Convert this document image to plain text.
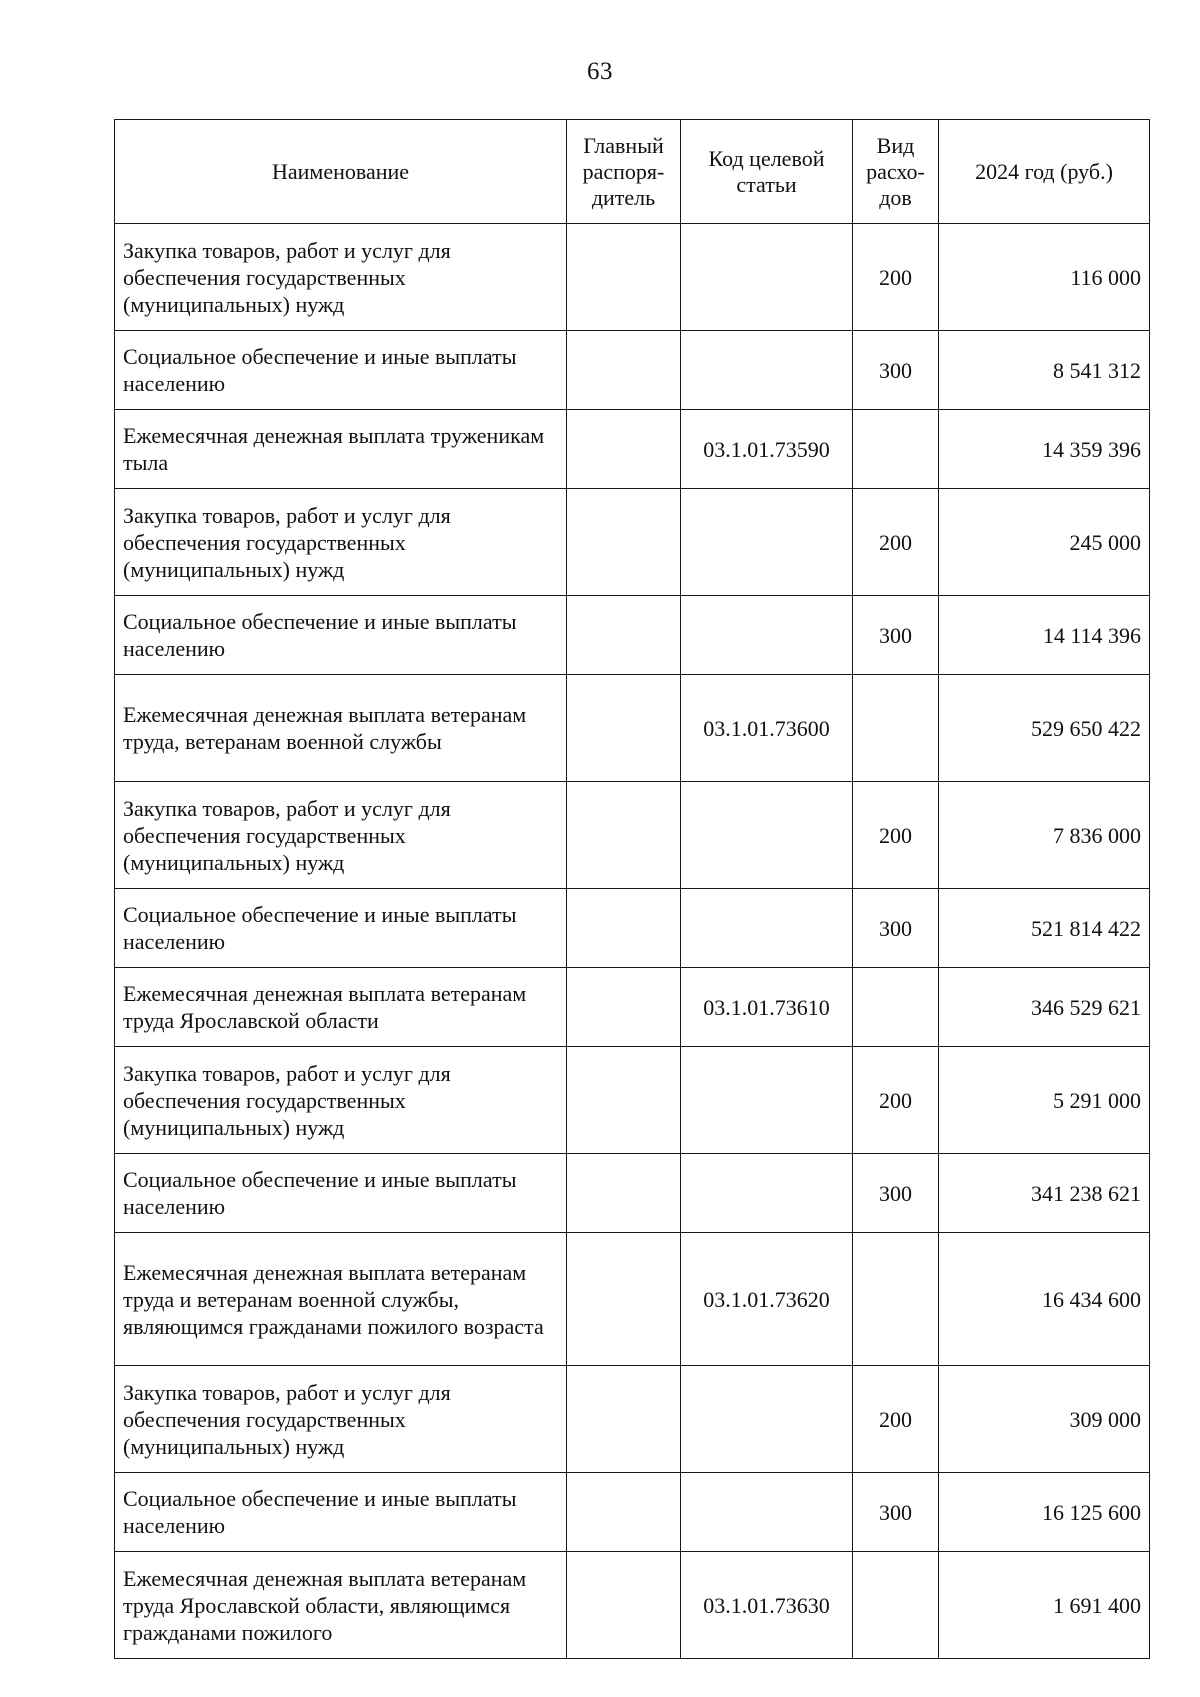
63
Наименование	Главный распоря-дитель	Код целевой статьи	Вид расхо-дов	2024 год (руб.)
Закупка товаров, работ и услуг для обеспечения государственных (муниципальных) нужд			200	116 000
Социальное обеспечение и иные выплаты населению			300	8 541 312
Ежемесячная денежная выплата труженикам тыла		03.1.01.73590		14 359 396
Закупка товаров, работ и услуг для обеспечения государственных (муниципальных) нужд			200	245 000
Социальное обеспечение и иные выплаты населению			300	14 114 396
Ежемесячная денежная выплата ветеранам труда, ветеранам военной службы		03.1.01.73600		529 650 422
Закупка товаров, работ и услуг для обеспечения государственных (муниципальных) нужд			200	7 836 000
Социальное обеспечение и иные выплаты населению			300	521 814 422
Ежемесячная денежная выплата ветеранам труда Ярославской области		03.1.01.73610		346 529 621
Закупка товаров, работ и услуг для обеспечения государственных (муниципальных) нужд			200	5 291 000
Социальное обеспечение и иные выплаты населению			300	341 238 621
Ежемесячная денежная выплата ветеранам труда и ветеранам военной службы, являющимся гражданами пожилого возраста		03.1.01.73620		16 434 600
Закупка товаров, работ и услуг для обеспечения государственных (муниципальных) нужд			200	309 000
Социальное обеспечение и иные выплаты населению			300	16 125 600
Ежемесячная денежная выплата ветеранам труда Ярославской области, являющимся гражданами пожилого		03.1.01.73630		1 691 400
